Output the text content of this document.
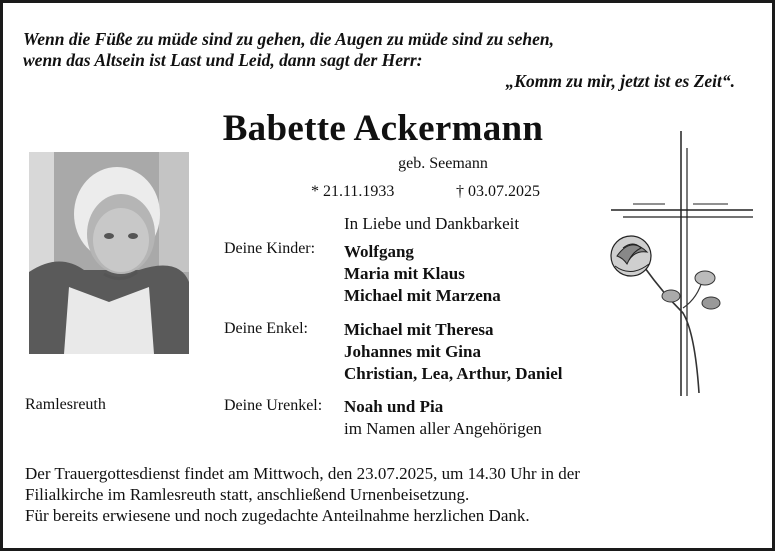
Wenn die Füße zu müde sind zu gehen, die Augen zu müde sind zu sehen,
wenn das Altsein ist Last und Leid, dann sagt der Herr:
„Komm zu mir, jetzt ist es Zeit“.
Babette Ackermann
geb. Seemann
* 21.11.1933	† 03.07.2025
In Liebe und Dankbarkeit
Ramlesreuth
Deine Kinder: Wolfgang
Maria mit Klaus
Michael mit Marzena
Deine Enkel: Michael mit Theresa
Johannes mit Gina
Christian, Lea, Arthur, Daniel
Deine Urenkel: Noah und Pia
im Namen aller Angehörigen
Der Trauergottesdienst findet am Mittwoch, den 23.07.2025, um 14.30 Uhr in der
Filialkirche im Ramlesreuth statt, anschließend Urnenbeisetzung.
Für bereits erwiesene und noch zugedachte Anteilnahme herzlichen Dank.
